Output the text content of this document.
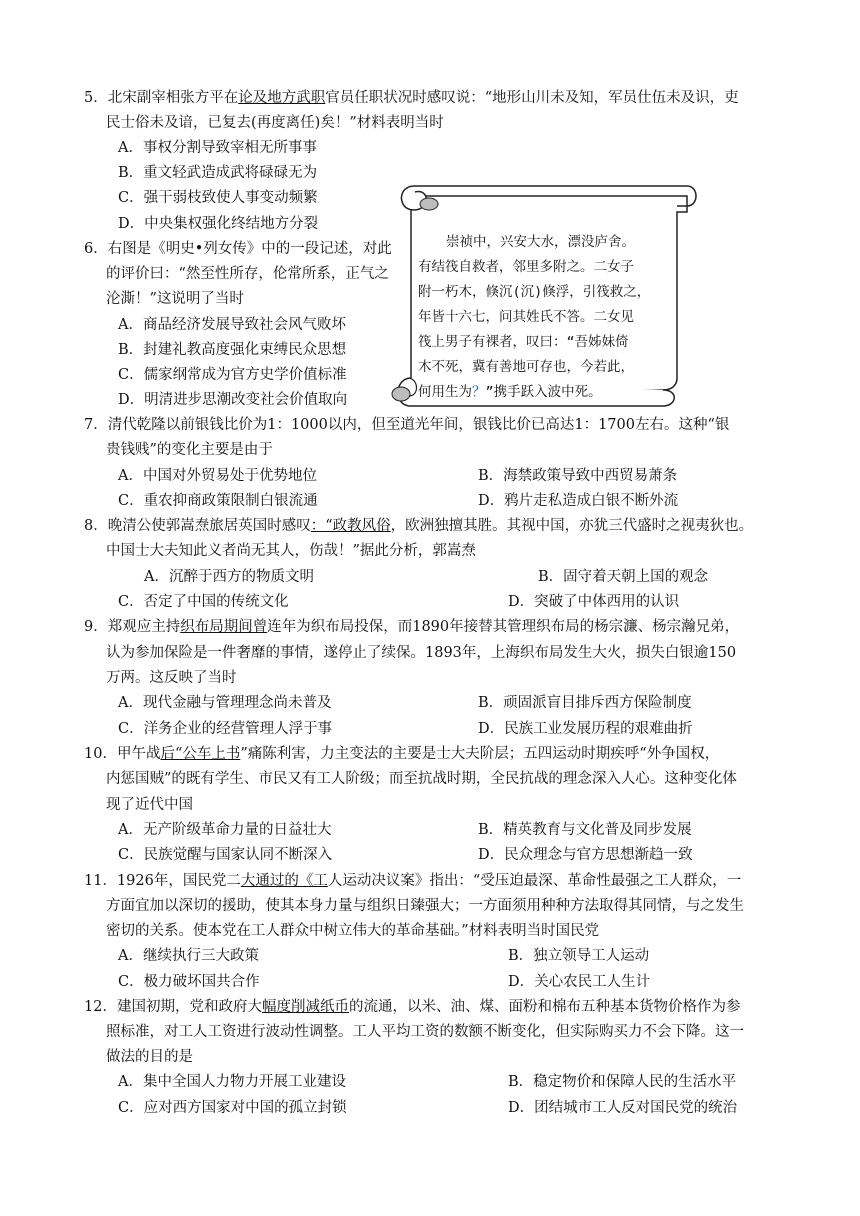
5．北宋副宰相张方平在论及地方武职官员任职状况时感叹说：“地形山川未及知，军员仕伍未及识，吏
民士俗未及谙，已复去(再度离任)矣！”材料表明当时
A．事权分割导致宰相无所事事
B．重文轻武造成武将碌碌无为
C．强干弱枝致使人事变动频繁
D．中央集权强化终结地方分裂
6．右图是《明史•列女传》中的一段记述，对此
的评价曰：“然至性所存，伦常所系，正气之
沦澌！”这说明了当时
A．商品经济发展导致社会风气败坏
B．封建礼教高度强化束缚民众思想
C．儒家纲常成为官方史学价值标准
D．明清进步思潮改变社会价值取向
崇祯中，兴安大水，漂没庐舍。
有结筏自救者，邻里多附之。二女子
附一朽木，倏沉(沉)倏浮，引筏救之，
年皆十六七，问其姓氏不答。二女见
筏上男子有裸者，叹曰：“吾姊妹倚
木不死，冀有善地可存也，今若此，
何用生为？”携手跃入波中死。
7．清代乾隆以前银钱比价为1：1000以内，但至道光年间，银钱比价已高达1：1700左右。这种“银
贵钱贱”的变化主要是由于
A．中国对外贸易处于优势地位	B．海禁政策导致中西贸易萧条
C．重农抑商政策限制白银流通	D．鸦片走私造成白银不断外流
8．晚清公使郭嵩焘旅居英国时感叹：“政教风俗，欧洲独擅其胜。其视中国，亦犹三代盛时之视夷狄也。
中国士大夫知此义者尚无其人，伤哉！”据此分析，郭嵩焘
A．沉醉于西方的物质文明	B．固守着天朝上国的观念
C．否定了中国的传统文化	D．突破了中体西用的认识
9．郑观应主持织布局期间曾连年为织布局投保，而1890年接替其管理织布局的杨宗濂、杨宗瀚兄弟，
认为参加保险是一件奢靡的事情，遂停止了续保。1893年，上海织布局发生大火，损失白银逾150
万两。这反映了当时
A．现代金融与管理理念尚未普及	B．顽固派盲目排斥西方保险制度
C．洋务企业的经营管理人浮于事	D．民族工业发展历程的艰难曲折
10．甲午战后“公车上书”痛陈利害，力主变法的主要是士大夫阶层；五四运动时期疾呼“外争国权，
内惩国贼”的既有学生、市民又有工人阶级；而至抗战时期，全民抗战的理念深入人心。这种变化体
现了近代中国
A．无产阶级革命力量的日益壮大	B．精英教育与文化普及同步发展
C．民族觉醒与国家认同不断深入	D．民众理念与官方思想渐趋一致
11．1926年，国民党二大通过的《工人运动决议案》指出：“受压迫最深、革命性最强之工人群众，一
方面宜加以深切的援助，使其本身力量与组织日臻强大；一方面须用种种方法取得其同情，与之发生
密切的关系。使本党在工人群众中树立伟大的革命基础。”材料表明当时国民党
A．继续执行三大政策	B．独立领导工人运动
C．极力破坏国共合作	D．关心农民工人生计
12．建国初期，党和政府大幅度削减纸币的流通，以米、油、煤、面粉和棉布五种基本货物价格作为参
照标准，对工人工资进行波动性调整。工人平均工资的数额不断变化，但实际购买力不会下降。这一
做法的目的是
A．集中全国人力物力开展工业建设	B．稳定物价和保障人民的生活水平
C．应对西方国家对中国的孤立封锁	D．团结城市工人反对国民党的统治
